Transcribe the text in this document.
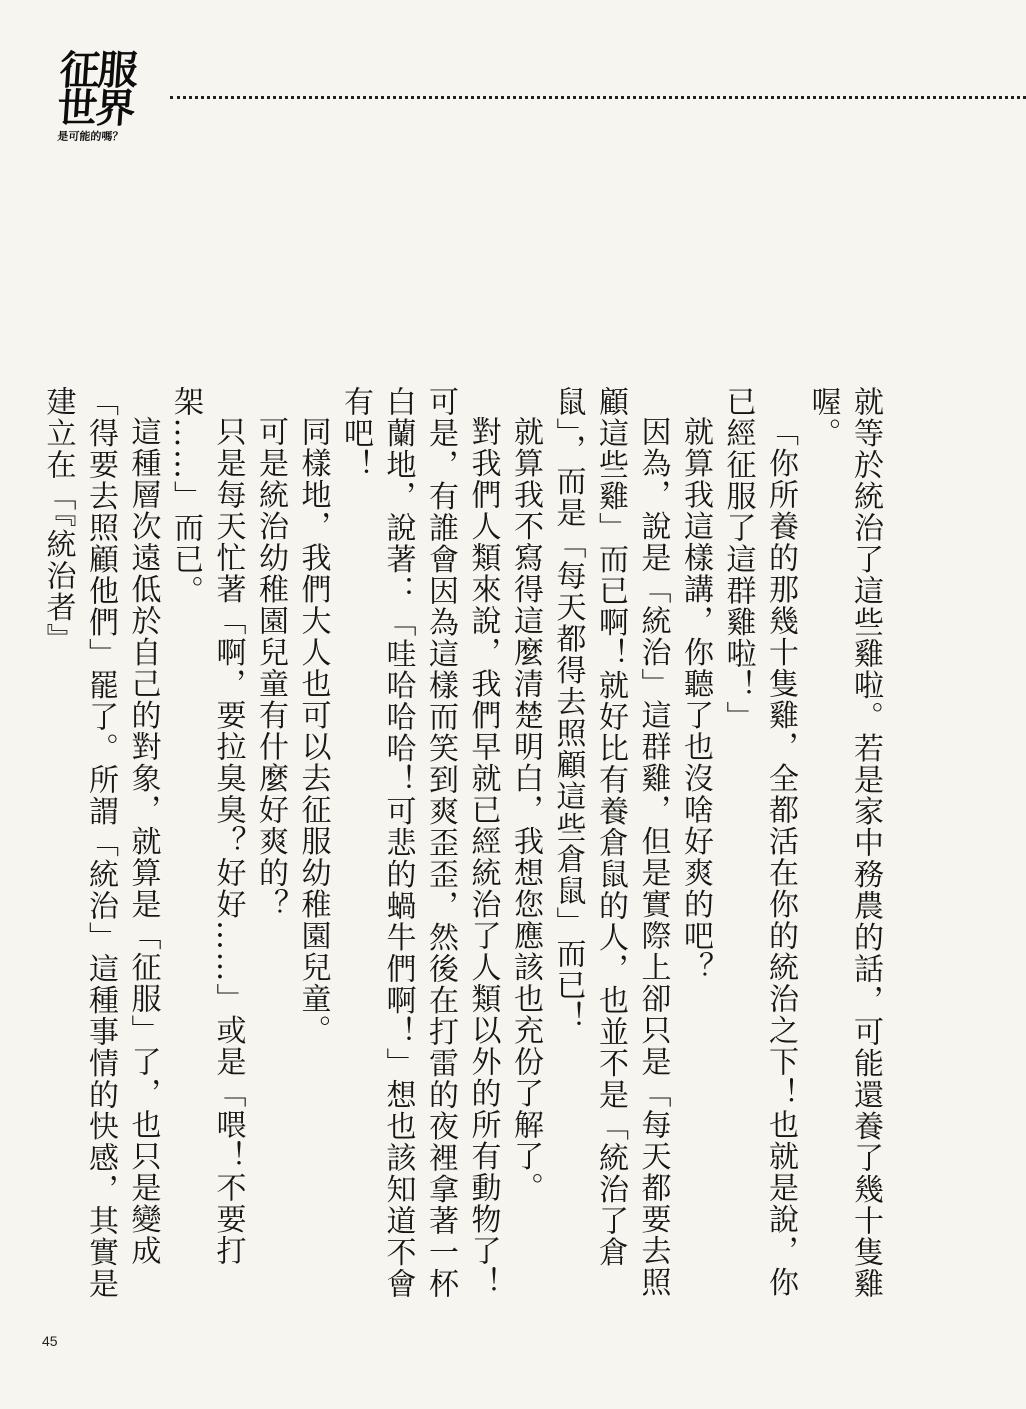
征服
世界
是可能的嗎？

就等於統治了這些雞啦。若是家中務農的話，可能還養了幾十隻雞喔。

「你所養的那幾十隻雞，全都活在你的統治之下！也就是說，你已經征服了這群雞啦！」

就算我這樣講，你聽了也沒啥好爽的吧？

因為，說是「統治」這群雞，但是實際上卻只是「每天都要去照顧這些雞」而已啊！就好比有養倉鼠的人，也並不是「統治了倉鼠」，而是「每天都得去照顧這些倉鼠」而已！

就算我不寫得這麼清楚明白，我想您應該也充份了解了。

對我們人類來說，我們早就已經統治了人類以外的所有動物了！可是，有誰會因為這樣而笑到爽歪歪，然後在打雷的夜裡拿著一杯白蘭地，說著：「哇哈哈哈！可悲的蝸牛們啊！」想也該知道不會有吧！

同樣地，我們大人也可以去征服幼稚園兒童。

可是統治幼稚園兒童有什麼好爽的？

只是每天忙著「啊，要拉臭臭？好好……」或是「喂！不要打架……」而已。

這種層次遠低於自己的對象，就算是「征服」了，也只是變成「得要去照顧他們」罷了。所謂「統治」這種事情的快感，其實是建立在「『統治者』

45
